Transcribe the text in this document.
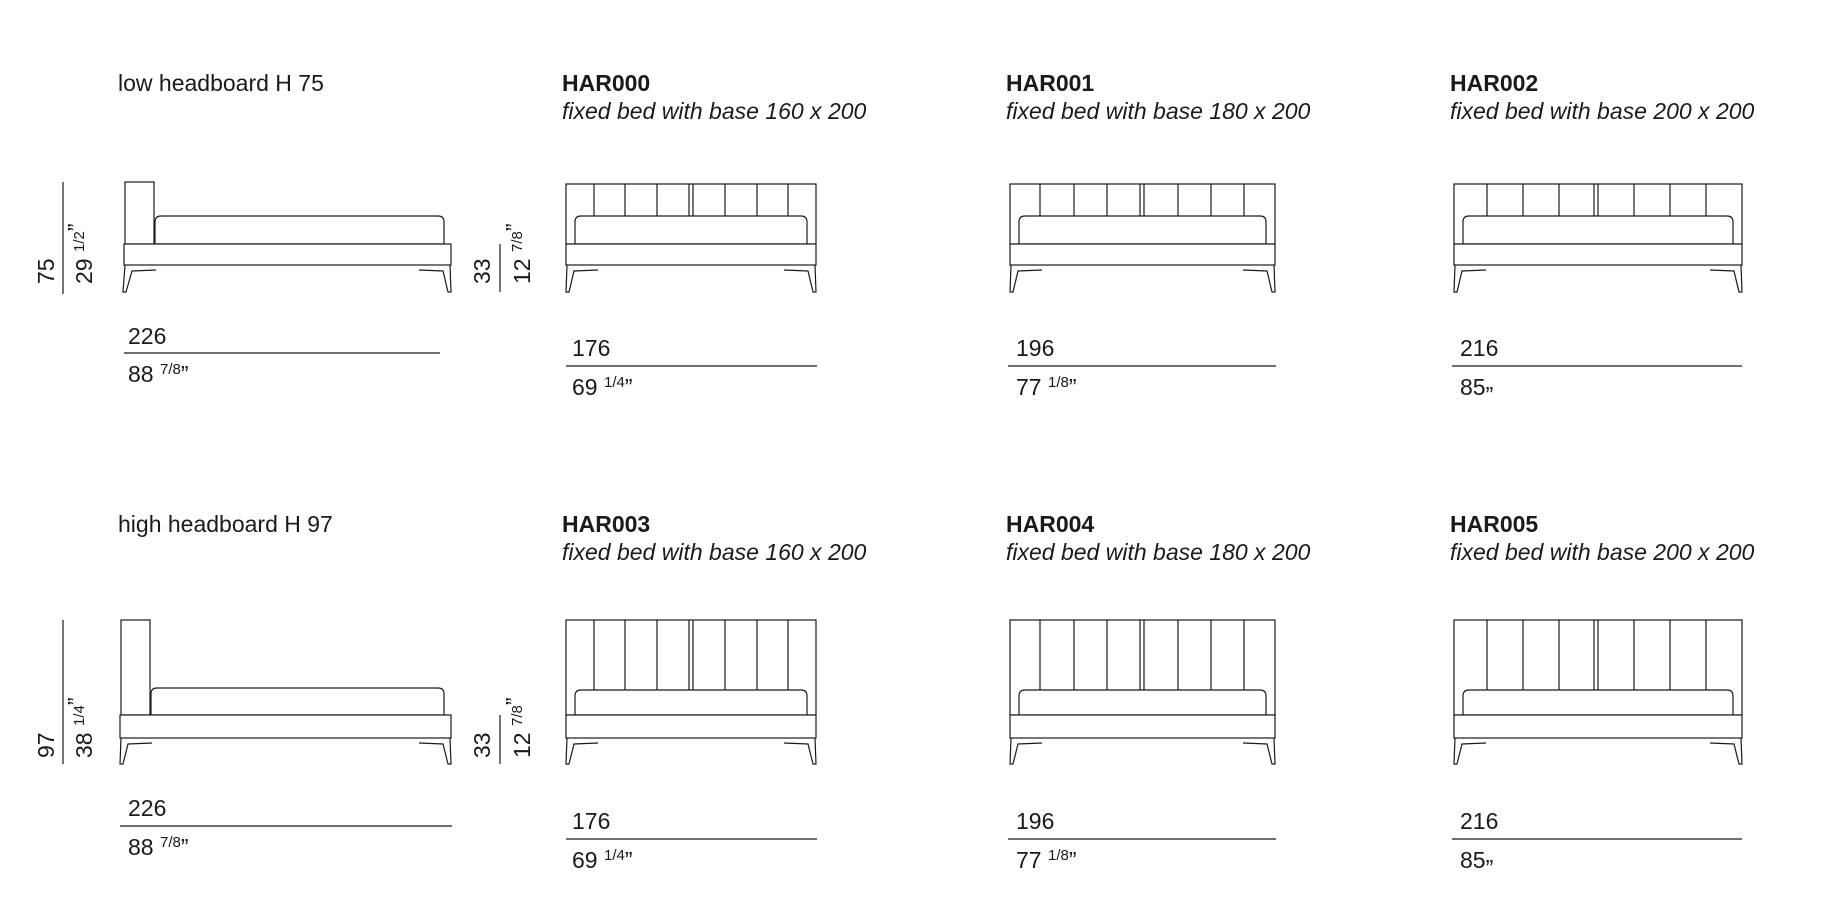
low headboard H 75
75 29 $^{1/2}$”
226
88 $^{7/8}$”
33 12 $^{7/8}$”
HAR000
fixed bed with base 160 x 200
176
69 $^{1/4}$”
HAR001
fixed bed with base 180 x 200
196
77 $^{1/8}$”
HAR002
fixed bed with base 200 x 200
216
85”
high headboard H 97
97 38 $^{1/4}$”
226
88 $^{7/8}$”
33 12 $^{7/8}$”
HAR003
fixed bed with base 160 x 200
176
69 $^{1/4}$”
HAR004
fixed bed with base 180 x 200
196
77 $^{1/8}$”
HAR005
fixed bed with base 200 x 200
216
85”
